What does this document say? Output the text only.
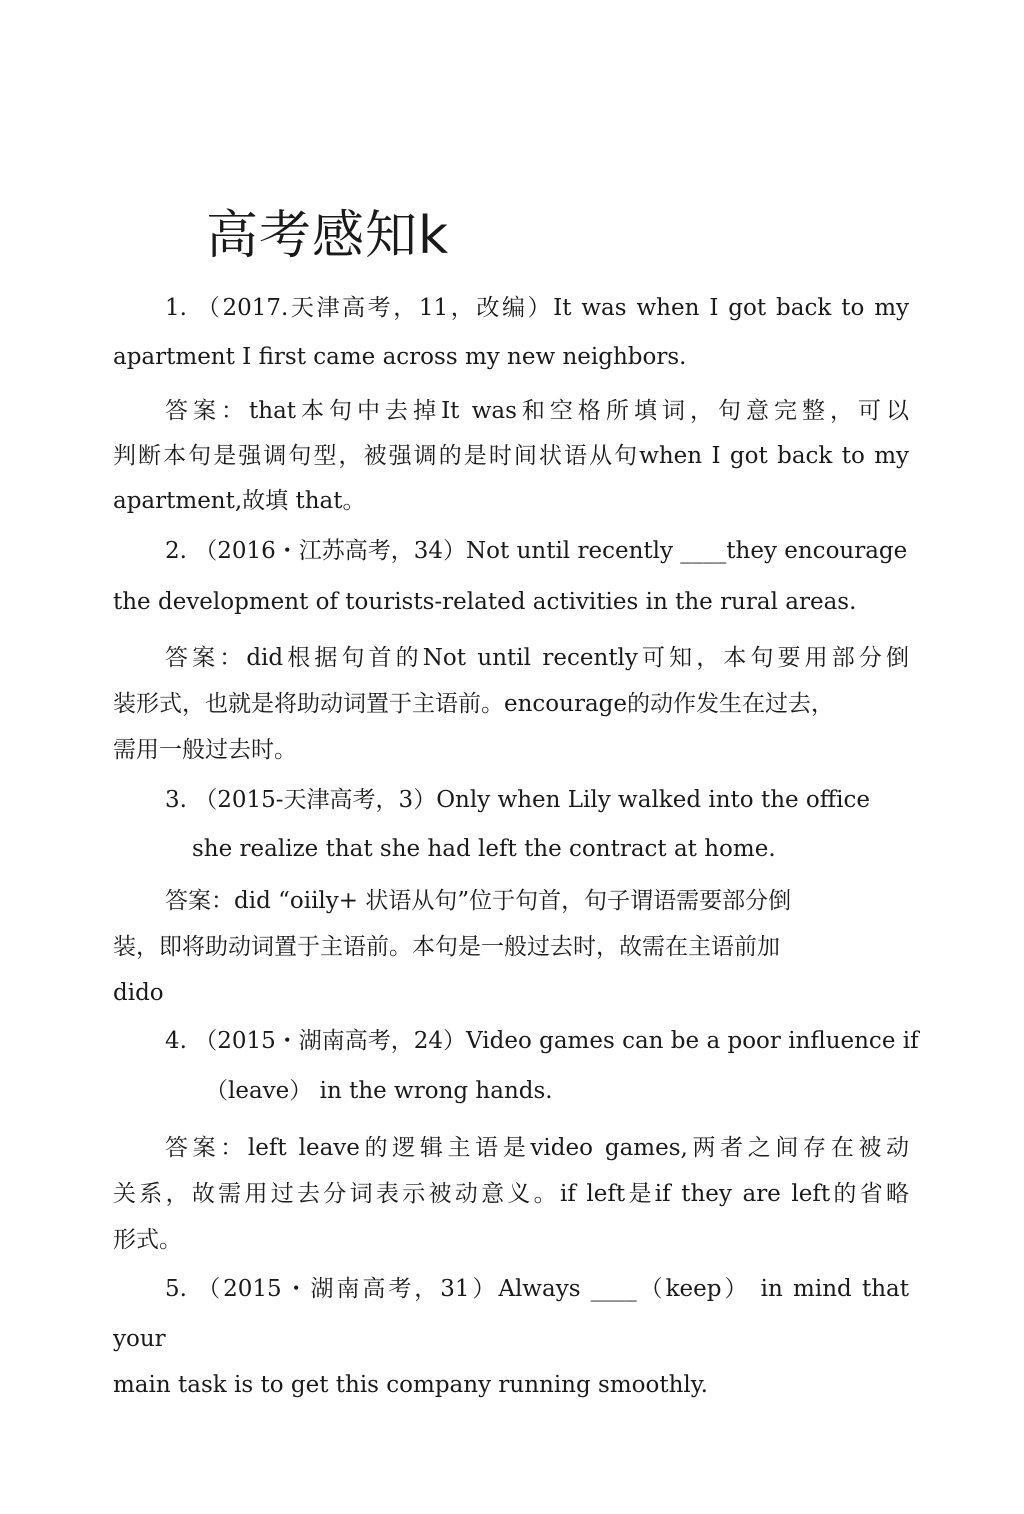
高考感知k
1. （2017.天津高考，11，改编）It was when I got back to my
apartment I first came across my new neighbors.
答案：that本句中去掉It was和空格所填词，句意完整，可以
判断本句是强调句型，被强调的是时间状语从句when I got back to my
apartment,故填 that。
2. （2016・江苏高考，34）Not until recently ____they encourage
the development of tourists-related activities in the rural areas.
答案：did根据句首的Not until recently可知，本句要用部分倒
装形式，也就是将助动词置于主语前。encourage的动作发生在过去，
需用一般过去时。
3. （2015-天津高考，3）Only when Lily walked into the office
she realize that she had left the contract at home.
答案：did “oiily+ 状语从句”位于句首，句子谓语需要部分倒
装，即将助动词置于主语前。本句是一般过去时，故需在主语前加
dido
4. （2015・湖南高考，24）Video games can be a poor influence if
（leave） in the wrong hands.
答案：left leave的逻辑主语是video games,两者之间存在被动
关系，故需用过去分词表示被动意义。if left是if they are left的省略
形式。
5. （2015・湖南高考，31）Always ____（keep） in mind that
your
main task is to get this company running smoothly.
